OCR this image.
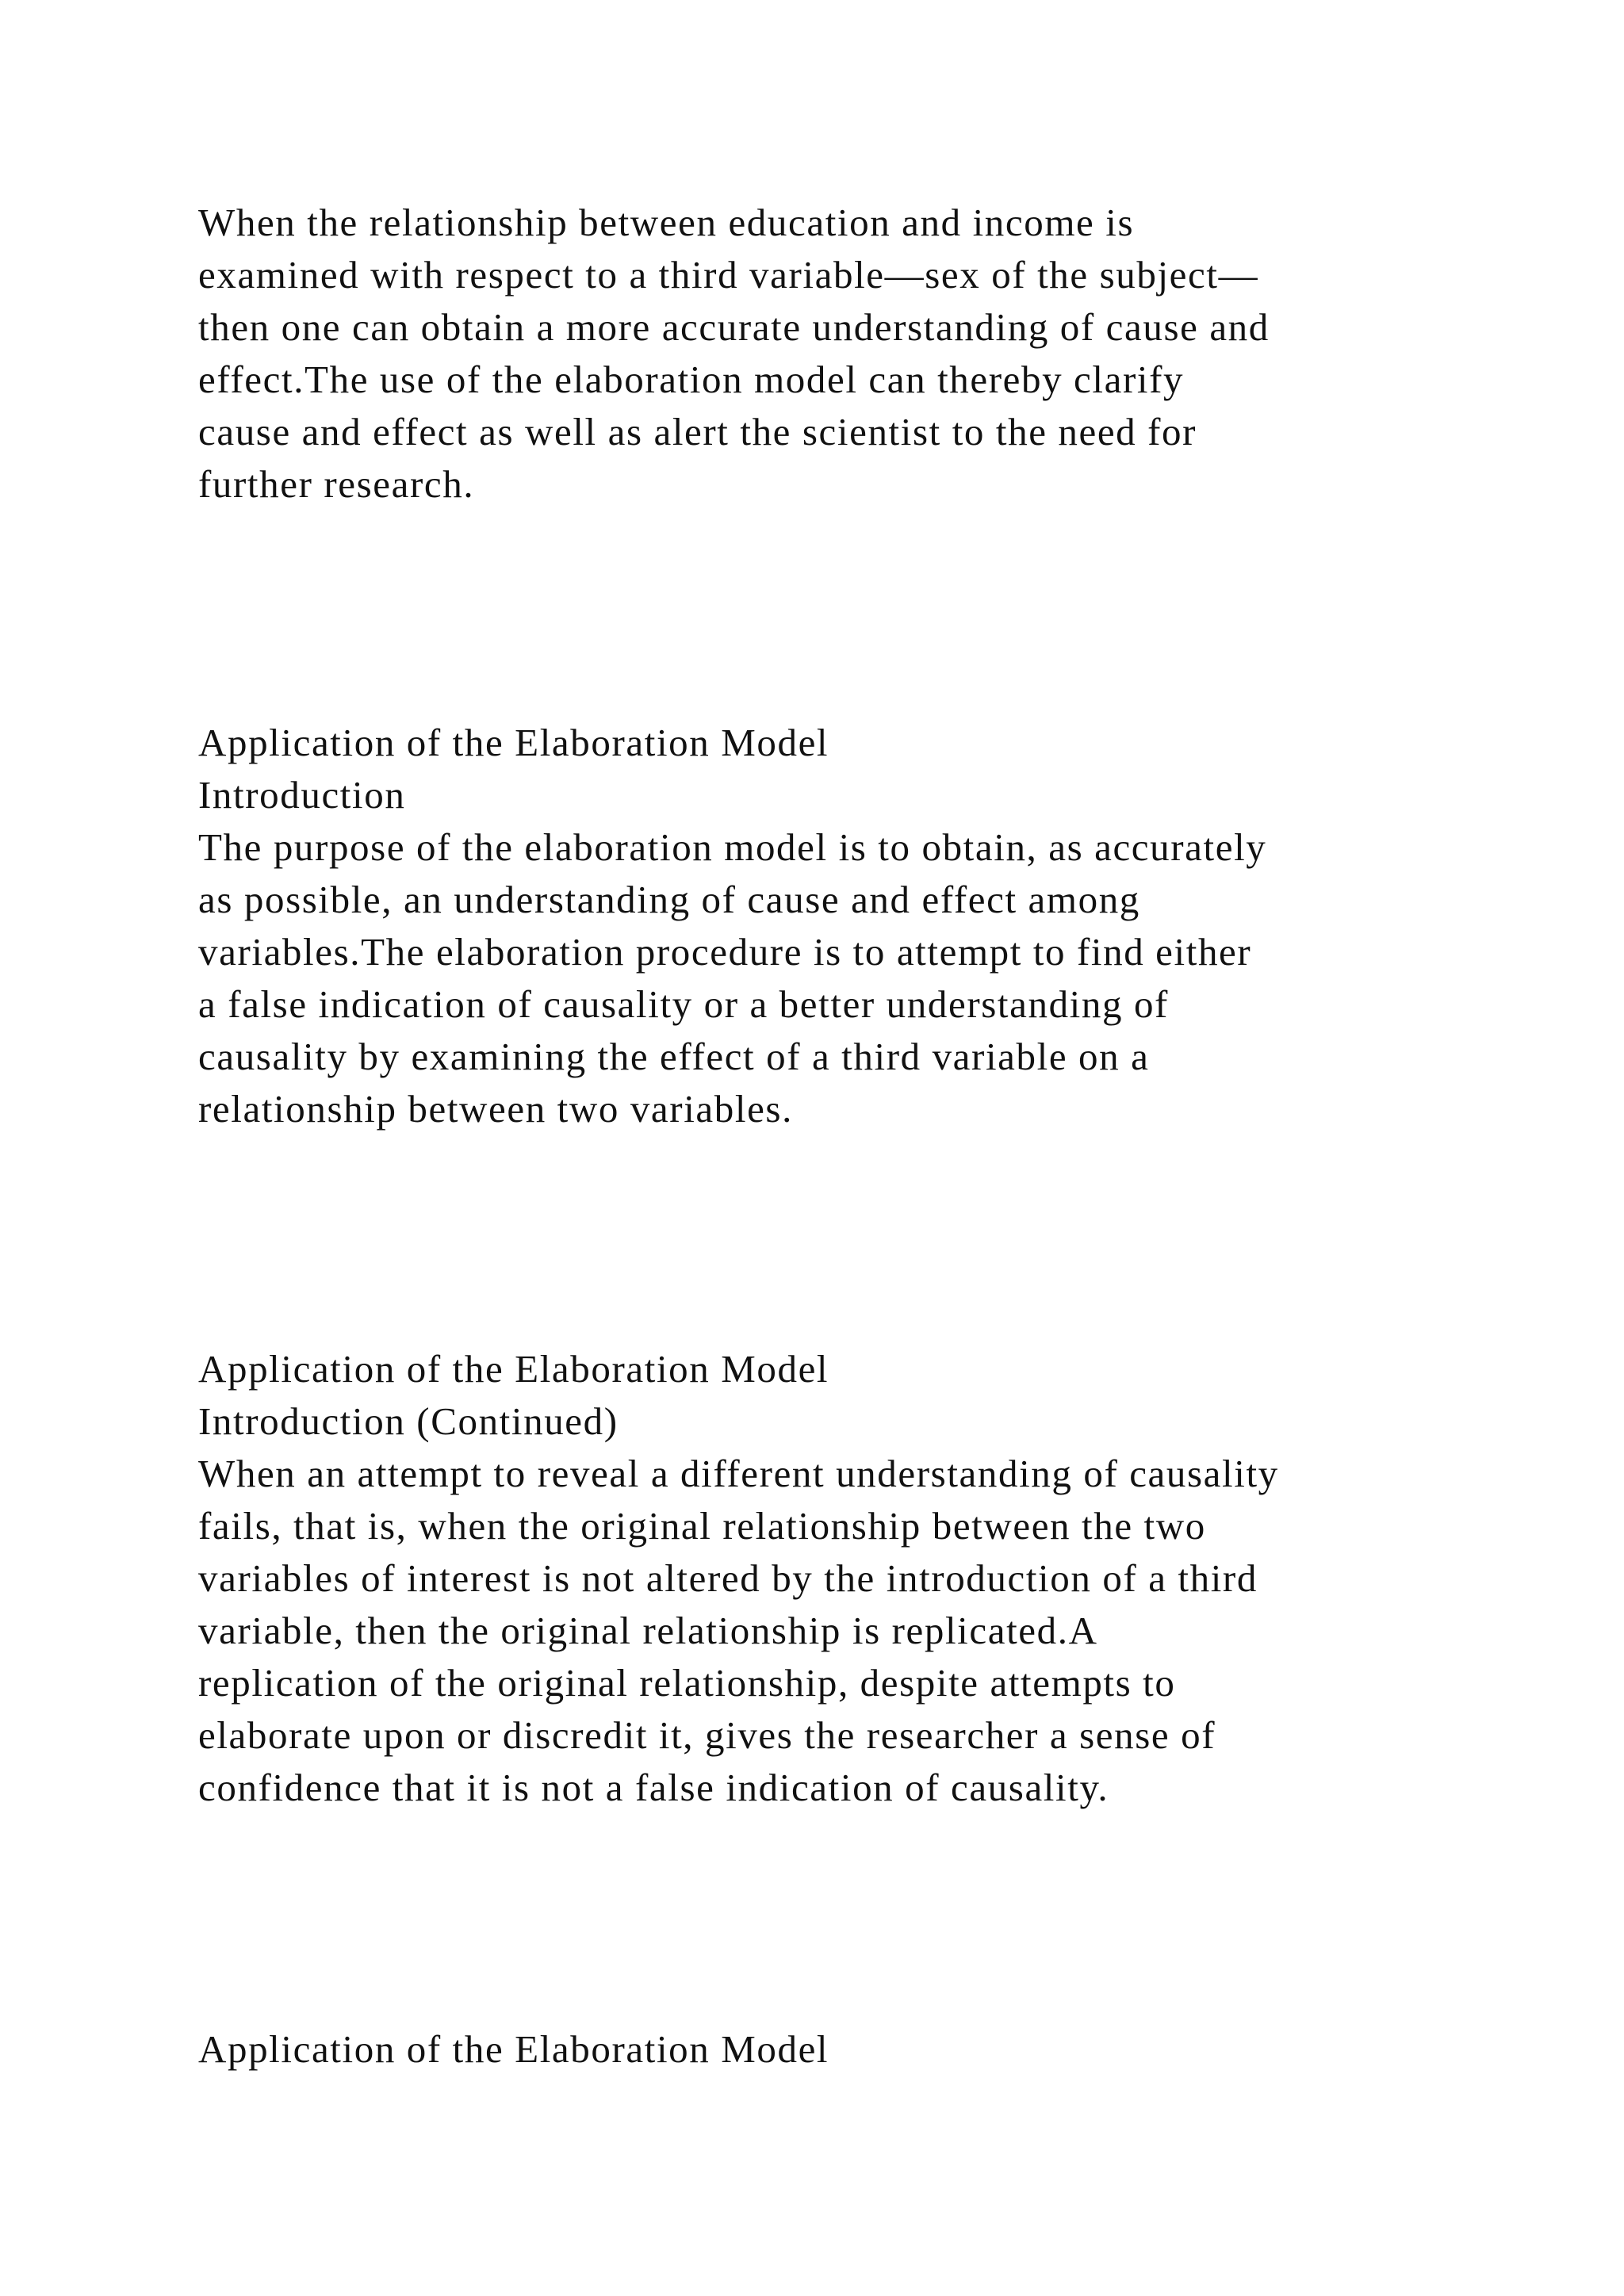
When the relationship between education and income is
examined with respect to a third variable—sex of the subject—
then one can obtain a more accurate understanding of cause and
effect.The use of the elaboration model can thereby clarify
cause and effect as well as alert the scientist to the need for
further research.
Application of the Elaboration Model
Introduction
The purpose of the elaboration model is to obtain, as accurately
as possible, an understanding of cause and effect among
variables.The elaboration procedure is to attempt to find either
a false indication of causality or a better understanding of
causality by examining the effect of a third variable on a
relationship between two variables.
Application of the Elaboration Model
Introduction (Continued)
When an attempt to reveal a different understanding of causality
fails, that is, when the original relationship between the two
variables of interest is not altered by the introduction of a third
variable, then the original relationship is replicated.A
replication of the original relationship, despite attempts to
elaborate upon or discredit it, gives the researcher a sense of
confidence that it is not a false indication of causality.
Application of the Elaboration Model
